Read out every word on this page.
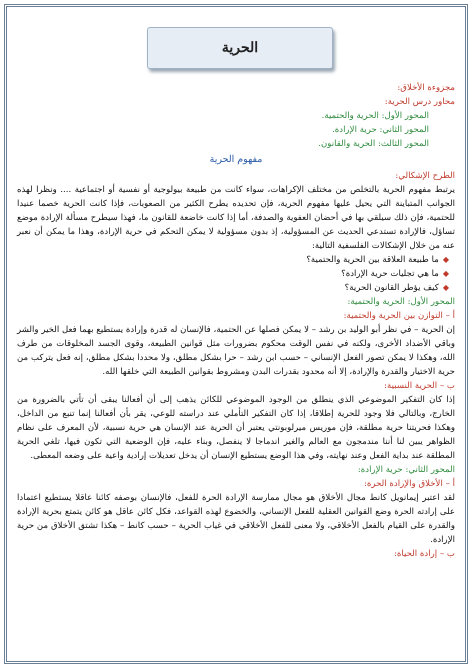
الحرية

مجزوءة الأخلاق:

محاور درس الحرية:

المحور الأول: الحرية والحتمية.

المحور الثاني: حرية الإرادة.

المحور الثالث: الحرية والقانون.

مفهوم الحرية

الطرح الإشكالي:

يرتبط مفهوم الحرية بالتخلص من مختلف الإكراهات، سواء كانت من طبيعة بيولوجية أو نفسية أو اجتماعية .... ونظرا لهذه الجوانب المتباينة التي يحيل عليها مفهوم الحرية، فإن تحديده يطرح الكثير من الصعوبات، فإذا كانت الحرية خصما عنيدا للحتمية، فإن ذلك سيلقي بها في أحضان العفوية والصدفة، أما إذا كانت خاضعة للقانون ما، فهذا سيطرح مسألة الإرادة موضع تساؤل، فالإرادة تستدعي الحديث عن المسؤولية، إذ بدون مسؤولية لا يمكن التحكم في حرية الإرادة، وهذا ما يمكن أن نعبر عنه من خلال الإشكالات الفلسفية التالية:

◆
ما طبيعة العلاقة بين الحرية والحتمية؟
◆
ما هي تجليات حرية الإرادة؟
◆
كيف يؤطر القانون الحرية؟

المحور الأول: الحرية والحتمية:

أ – التوازن بين الحرية والحتمية:

إن الحرية – في نظر أبو الوليد بن رشد – لا يمكن فصلها عن الحتمية، فالإنسان له قدرة وإرادة يستطيع بهما فعل الخير والشر وباقي الأضداد الأخرى، ولكنه في نفس الوقت محكوم بضرورات مثل قوانين الطبيعة، وقوى الجسد المخلوقات من طرف الله، وهكذا لا يمكن تصور الفعل الإنساني – حسب ابن رشد – حرا بشكل مطلق، ولا محددا بشكل مطلق، إنه فعل يتركب من حرية الاختيار والقدرة والإرادة، إلا أنه محدود بقدرات البدن ومشروط بقوانين الطبيعة التي خلقها الله.

ب – الحرية النسبية:

إذا كان التفكير الموضوعي الذي ينطلق من الوجود الموضوعي للكائن يذهب إلى أن أفعالنا يبقى أن تأتي بالضرورة من الخارج، وبالتالي فلا وجود للحرية إطلاقا، إذا كان التفكير التأملي عند دراسته للوعي، يقر بأن أفعالنا إنما تنبع من الداخل، وهكذا فحريتنا حرية مطلقة، فإن موريس ميرلوبونتي يعتبر أن الحرية عند الإنسان هي حرية نسبية، لأن المعرف على نظام الظواهر يبين لنا أننا مندمجون مع العالم والغير اندماجا لا ينفصل، وبناء عليه، فإن الوضعية التي تكون فيها، تلغي الحرية المطلقة عند بداية الفعل وعند نهايته، وفي هذا الوضع يستطيع الإنسان أن يدخل تعديلات إرادية واعية على وضعه المعطى.

المحور الثاني: حرية الإرادة:

أ – الأخلاق والإرادة الحرة:

لقد اعتبر إيمانويل كانط مجال الأخلاق هو مجال ممارسة الإرادة الحرة للفعل، فالإنسان بوصفه كائنا عاقلا يستطيع اعتمادا على إرادته الحرة وضع القوانين العقلية للفعل الإنساني، والخضوع لهذه القواعد، فكل كائن عاقل هو كائن يتمتع بحرية الإرادة والقدرة على القيام بالفعل الأخلاقي، ولا معنى للفعل الأخلاقي في غياب الحرية – حسب كانط – هكذا تشتق الأخلاق من حرية الإرادة.

ب – إرادة الحياة:
